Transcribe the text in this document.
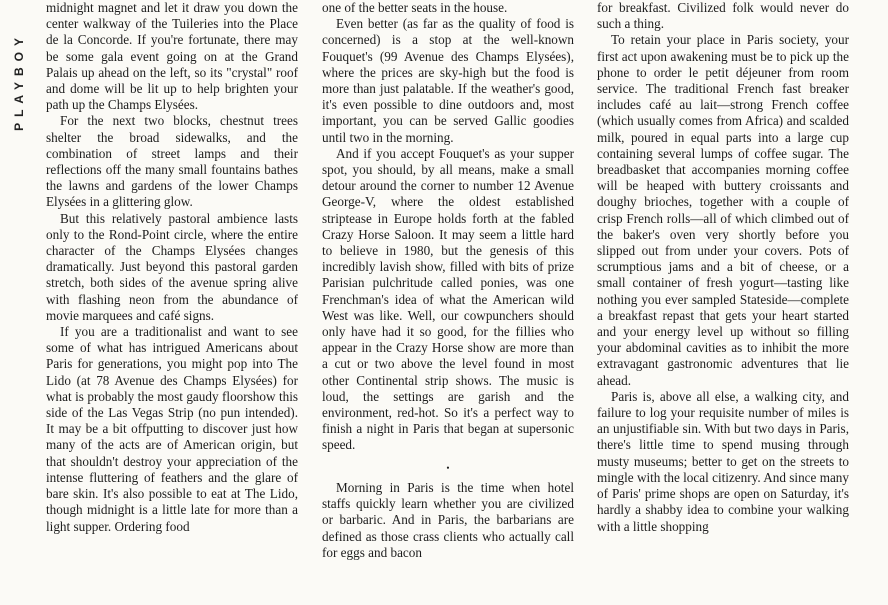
PLAYBOY

midnight magnet and let it draw you down the center walkway of the Tuileries into the Place de la Concorde. If you're fortunate, there may be some gala event going on at the Grand Palais up ahead on the left, so its "crystal" roof and dome will be lit up to help brighten your path up the Champs Elysées.

For the next two blocks, chestnut trees shelter the broad sidewalks, and the combination of street lamps and their reflections off the many small fountains bathes the lawns and gardens of the lower Champs Elysées in a glittering glow.

But this relatively pastoral ambience lasts only to the Rond-Point circle, where the entire character of the Champs Elysées changes dramatically. Just beyond this pastoral garden stretch, both sides of the avenue spring alive with flashing neon from the abundance of movie marquees and café signs.

If you are a traditionalist and want to see some of what has intrigued Americans about Paris for generations, you might pop into The Lido (at 78 Avenue des Champs Elysées) for what is probably the most gaudy floorshow this side of the Las Vegas Strip (no pun intended). It may be a bit offputting to discover just how many of the acts are of American origin, but that shouldn't destroy your appreciation of the intense fluttering of feathers and the glare of bare skin. It's also possible to eat at The Lido, though midnight is a little late for more than a light supper. Ordering food

one of the better seats in the house.

Even better (as far as the quality of food is concerned) is a stop at the well-known Fouquet's (99 Avenue des Champs Elysées), where the prices are sky-high but the food is more than just palatable. If the weather's good, it's even possible to dine outdoors and, most important, you can be served Gallic goodies until two in the morning.

And if you accept Fouquet's as your supper spot, you should, by all means, make a small detour around the corner to number 12 Avenue George-V, where the oldest established striptease in Europe holds forth at the fabled Crazy Horse Saloon. It may seem a little hard to believe in 1980, but the genesis of this incredibly lavish show, filled with bits of prize Parisian pulchritude called ponies, was one Frenchman's idea of what the American wild West was like. Well, our cowpunchers should only have had it so good, for the fillies who appear in the Crazy Horse show are more than a cut or two above the level found in most other Continental strip shows. The music is loud, the settings are garish and the environment, red-hot. So it's a perfect way to finish a night in Paris that began at supersonic speed.

•

Morning in Paris is the time when hotel staffs quickly learn whether you are civilized or barbaric. And in Paris, the barbarians are defined as those crass clients who actually call for eggs and bacon

for breakfast. Civilized folk would never do such a thing.

To retain your place in Paris society, your first act upon awakening must be to pick up the phone to order le petit déjeuner from room service. The traditional French fast breaker includes café au lait—strong French coffee (which usually comes from Africa) and scalded milk, poured in equal parts into a large cup containing several lumps of coffee sugar. The breadbasket that accompanies morning coffee will be heaped with buttery croissants and doughy brioches, together with a couple of crisp French rolls—all of which climbed out of the baker's oven very shortly before you slipped out from under your covers. Pots of scrumptious jams and a bit of cheese, or a small container of fresh yogurt—tasting like nothing you ever sampled Stateside—complete a breakfast repast that gets your heart started and your energy level up without so filling your abdominal cavities as to inhibit the more extravagant gastronomic adventures that lie ahead.

Paris is, above all else, a walking city, and failure to log your requisite number of miles is an unjustifiable sin. With but two days in Paris, there's little time to spend musing through musty museums; better to get on the streets to mingle with the local citizenry. And since many of Paris' prime shops are open on Saturday, it's hardly a shabby idea to combine your walking with a little shopping
